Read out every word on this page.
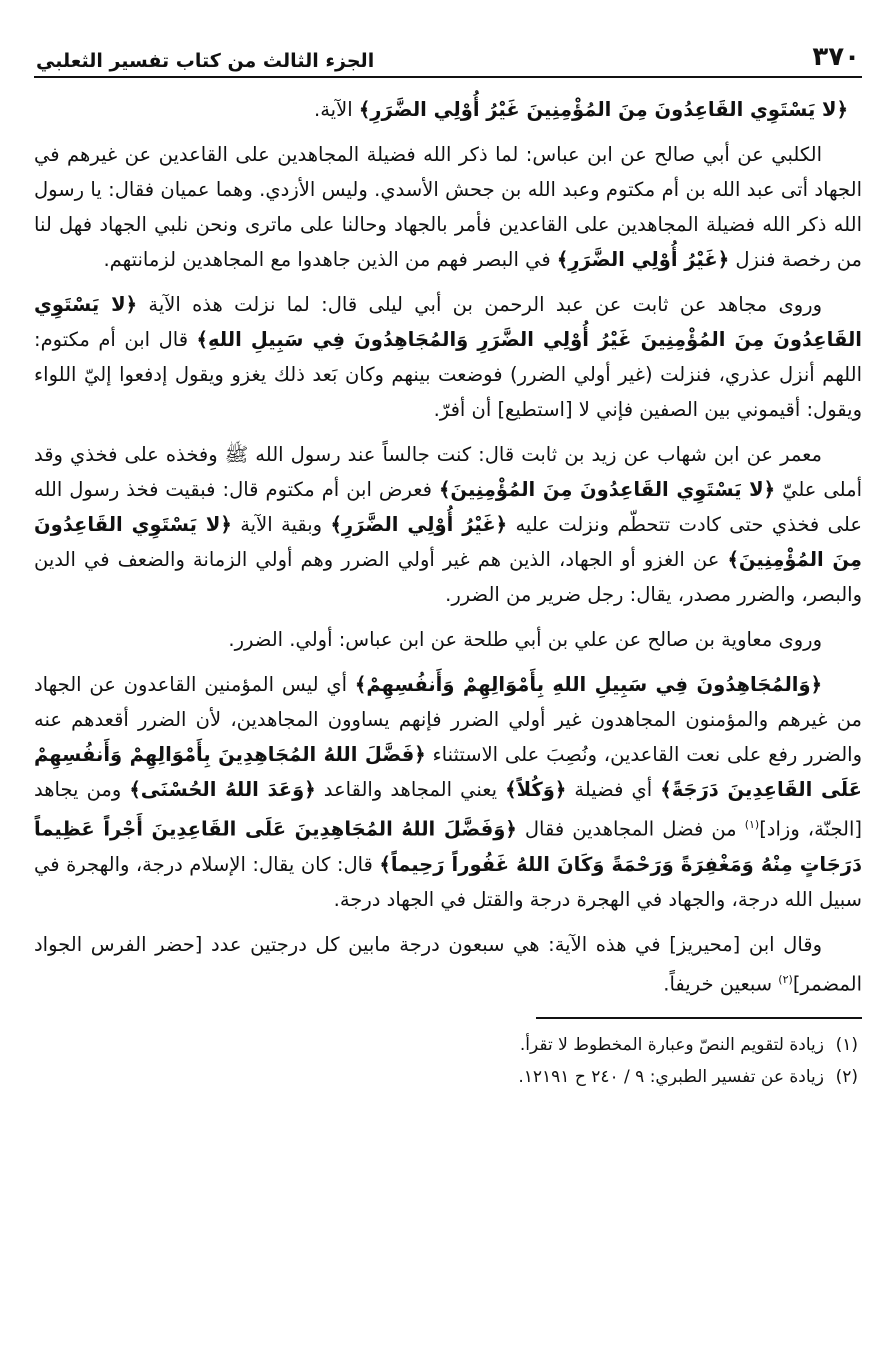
٣٧٠
الجزء الثالث من كتاب تفسير الثعلبي

﴿لا يَسْتَوِي القَاعِدُونَ مِنَ المُؤْمِنِينَ غَيْرُ أُوْلِي الضَّرَرِ﴾ الآية.

الكلبي عن أبي صالح عن ابن عباس: لما ذكر الله فضيلة المجاهدين على القاعدين عن غيرهم في الجهاد أتى عبد الله بن أم مكتوم وعبد الله بن جحش الأسدي. وليس الأزدي. وهما عميان فقال: يا رسول الله ذكر الله فضيلة المجاهدين على القاعدين فأمر بالجهاد وحالنا على ماترى ونحن نلبي الجهاد فهل لنا من رخصة فنزل ﴿غَيْرُ أُوْلِي الضَّرَرِ﴾ في البصر فهم من الذين جاهدوا مع المجاهدين لزمانتهم.

وروى مجاهد عن ثابت عن عبد الرحمن بن أبي ليلى قال: لما نزلت هذه الآية ﴿لا يَسْتَوِي القَاعِدُونَ مِنَ المُؤْمِنِينَ غَيْرُ أُوْلِي الضَّرَرِ وَالمُجَاهِدُونَ فِي سَبِيلِ اللهِ﴾ قال ابن أم مكتوم: اللهم أنزل عذري، فنزلت (غير أولي الضرر) فوضعت بينهم وكان بَعد ذلك يغزو ويقول إدفعوا إليّ اللواء ويقول: أقيموني بين الصفين فإني لا [استطيع] أن أفرّ.

معمر عن ابن شهاب عن زيد بن ثابت قال: كنت جالساً عند رسول الله ﷺ وفخذه على فخذي وقد أملى عليّ ﴿لا يَسْتَوِي القَاعِدُونَ مِنَ المُؤْمِنِينَ﴾ فعرض ابن أم مكتوم قال: فبقيت فخذ رسول الله على فخذي حتى كادت تتحطّم ونزلت عليه ﴿غَيْرُ أُوْلِي الضَّرَرِ﴾ وبقية الآية ﴿لا يَسْتَوِي القَاعِدُونَ مِنَ المُؤْمِنِينَ﴾ عن الغزو أو الجهاد، الذين هم غير أولي الضرر وهم أولي الزمانة والضعف في الدين والبصر، والضرر مصدر، يقال: رجل ضرير من الضرر.

وروى معاوية بن صالح عن علي بن أبي طلحة عن ابن عباس: أولي. الضرر.

﴿وَالمُجَاهِدُونَ فِي سَبِيلِ اللهِ بِأَمْوَالِهِمْ وَأَنفُسِهِمْ﴾ أي ليس المؤمنين القاعدون عن الجهاد من غيرهم والمؤمنون المجاهدون غير أولي الضرر فإنهم يساوون المجاهدين، لأن الضرر أقعدهم عنه والضرر رفع على نعت القاعدين، ونُصِبَ على الاستثناء ﴿فَضَّلَ اللهُ المُجَاهِدِينَ بِأَمْوَالِهِمْ وَأَنفُسِهِمْ عَلَى القَاعِدِينَ دَرَجَةً﴾ أي فضيلة ﴿وَكُلاً﴾ يعني المجاهد والقاعد ﴿وَعَدَ اللهُ الحُسْنَى﴾ ومن يجاهد [الجنّة، وزاد]$^{(١)}$ من فضل المجاهدين فقال ﴿وَفَضَّلَ اللهُ المُجَاهِدِينَ عَلَى القَاعِدِينَ أَجْراً عَظِيماً دَرَجَاتٍ مِنْهُ وَمَغْفِرَةً وَرَحْمَةً وَكَانَ اللهُ غَفُوراً رَحِيماً﴾ قال: كان يقال: الإسلام درجة، والهجرة في سبيل الله درجة، والجهاد في الهجرة درجة والقتل في الجهاد درجة.

وقال ابن [محيريز] في هذه الآية: هي سبعون درجة مابين كل درجتين عدد [حضر الفرس الجواد المضمر]$^{(٢)}$ سبعين خريفاً.

(١)زيادة لتقويم النصّ وعبارة المخطوط لا تقرأ.

(٢)زيادة عن تفسير الطبري: ٩ / ٢٤٠ ح ١٢١٩١.
